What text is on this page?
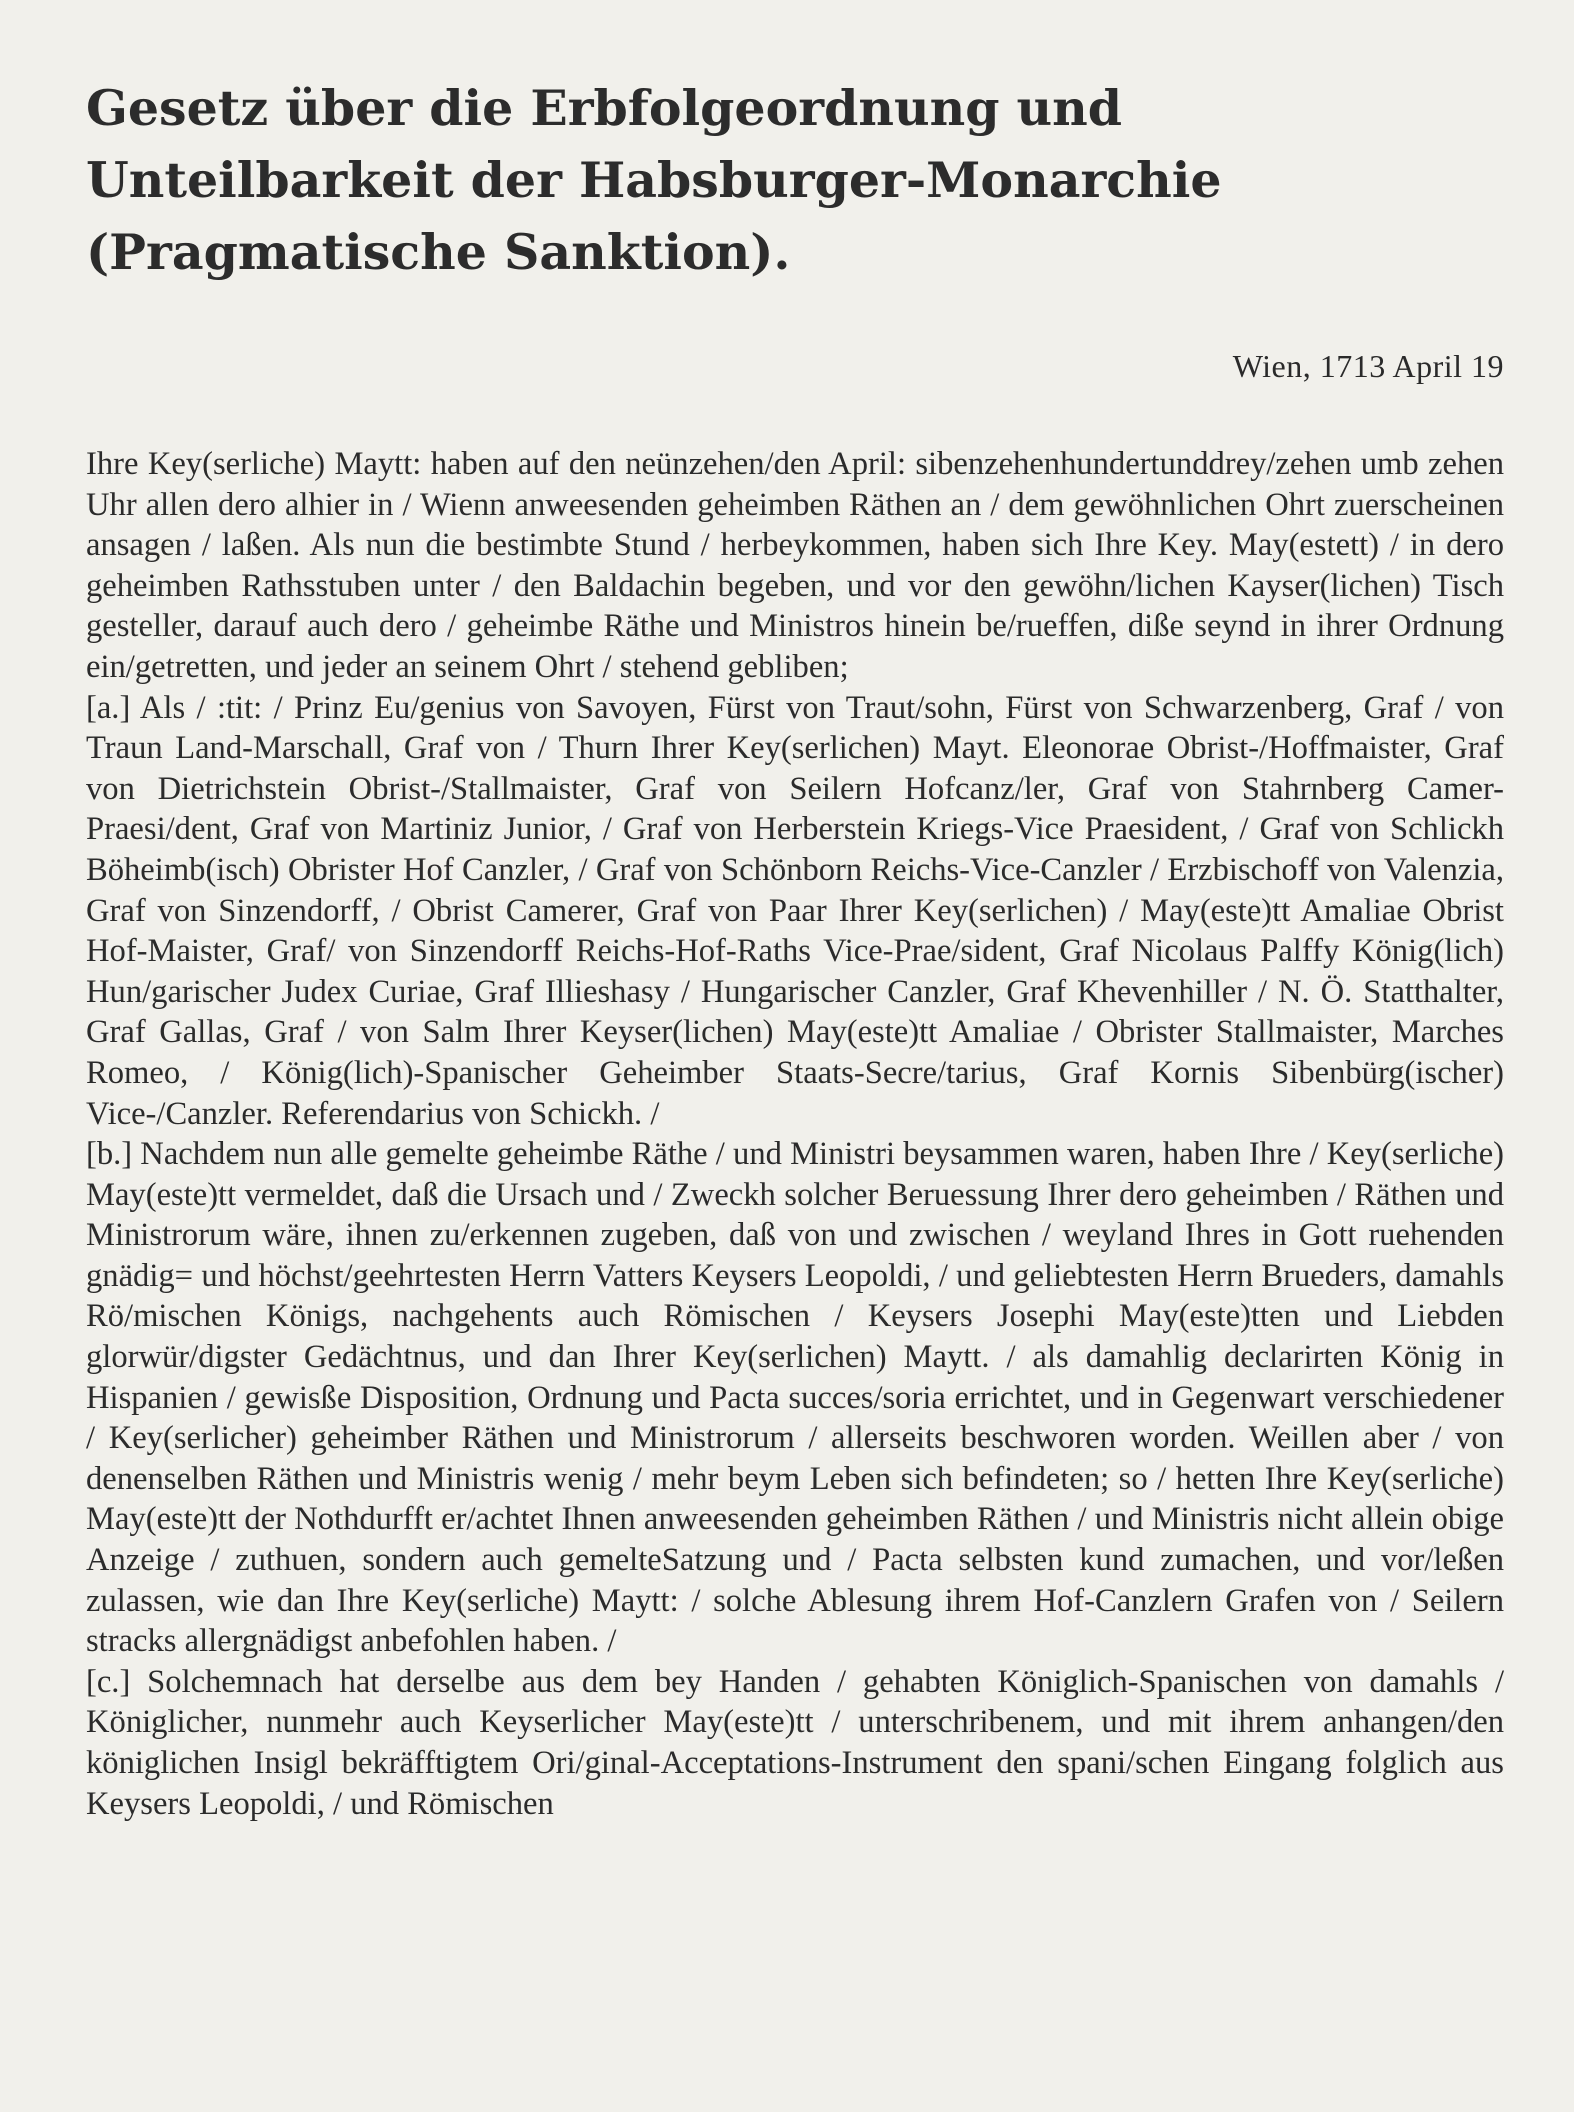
Gesetz über die Erbfolgeordnung und
Unteilbarkeit der Habsburger-Monarchie
(Pragmatische Sanktion).
Wien, 1713 April 19

Ihre Key(serliche) Maytt: haben auf den neünzehen/den April: sibenzehenhundertunddrey/zehen umb zehen Uhr allen dero alhier in / Wienn anweesenden geheimben Räthen an / dem gewöhnlichen Ohrt zuerscheinen ansagen / laßen. Als nun die bestimbte Stund / herbeykommen, haben sich Ihre Key. May(estett) / in dero geheimben Rathsstuben unter / den Baldachin begeben, und vor den gewöhn/lichen Kayser(lichen) Tisch gesteller, darauf auch dero / geheimbe Räthe und Ministros hinein be/rueffen, diße seynd in ihrer Ordnung ein/getretten, und jeder an seinem Ohrt / stehend gebliben;

[a.] Als / :tit: / Prinz Eu/genius von Savoyen, Fürst von Traut/sohn, Fürst von Schwarzenberg, Graf / von Traun Land-Marschall, Graf von / Thurn Ihrer Key(serlichen) Mayt. Eleonorae Obrist-/Hoffmaister, Graf von Dietrichstein Obrist-/Stallmaister, Graf von Seilern Hofcanz/ler, Graf von Stahrnberg Camer-Praesi/dent, Graf von Martiniz Junior, / Graf von Herberstein Kriegs-Vice Praesident, / Graf von Schlickh Böheimb(isch) Obrister Hof Canzler, / Graf von Schönborn Reichs-Vice-Canzler / Erzbischoff von Valenzia, Graf von Sinzendorff, / Obrist Camerer, Graf von Paar Ihrer Key(serlichen) / May(este)tt Amaliae Obrist Hof-Maister, Graf/ von Sinzendorff Reichs-Hof-Raths Vice-Prae/sident, Graf Nicolaus Palffy König(lich) Hun/garischer Judex Curiae, Graf Illieshasy / Hungarischer Canzler, Graf Khevenhiller / N. Ö. Statthalter, Graf Gallas, Graf / von Salm Ihrer Keyser(lichen) May(este)tt Amaliae / Obrister Stallmaister, Marches Romeo, / König(lich)-Spanischer Geheimber Staats-Secre/tarius, Graf Kornis Sibenbürg(ischer) Vice-/Canzler. Referendarius von Schickh. /

[b.] Nachdem nun alle gemelte geheimbe Räthe / und Ministri beysammen waren, haben Ihre / Key(serliche) May(este)tt vermeldet, daß die Ursach und / Zweckh solcher Beruessung Ihrer dero geheimben / Räthen und Ministrorum wäre, ihnen zu/erkennen zugeben, daß von und zwischen / weyland Ihres in Gott ruehenden gnädig= und höchst/geehrtesten Herrn Vatters Keysers Leopoldi, / und geliebtesten Herrn Brueders, damahls Rö/mischen Königs, nachgehents auch Römischen / Keysers Josephi May(este)tten und Liebden glorwür/digster Gedächtnus, und dan Ihrer Key(serlichen) Maytt. / als damahlig declarirten König in Hispanien / gewisße Disposition, Ordnung und Pacta succes/soria errichtet, und in Gegenwart verschiedener / Key(serlicher) geheimber Räthen und Ministrorum / allerseits beschworen worden. Weillen aber / von denenselben Räthen und Ministris wenig / mehr beym Leben sich befindeten; so / hetten Ihre Key(serliche) May(este)tt der Nothdurfft er/achtet Ihnen anweesenden geheimben Räthen / und Ministris nicht allein obige Anzeige / zuthuen, sondern auch gemelteSatzung und / Pacta selbsten kund zumachen, und vor/leßen zulassen, wie dan Ihre Key(serliche) Maytt: / solche Ablesung ihrem Hof-Canzlern Grafen von / Seilern stracks allergnädigst anbefohlen haben. /

[c.] Solchemnach hat derselbe aus dem bey Handen / gehabten Königlich-Spanischen von damahls / Königlicher, nunmehr auch Keyserlicher May(este)tt / unterschribenem, und mit ihrem anhangen/den königlichen Insigl bekräfftigtem Ori/ginal-Acceptations-Instrument den spani/schen Eingang folglich aus Keysers Leopoldi, / und Römischen
